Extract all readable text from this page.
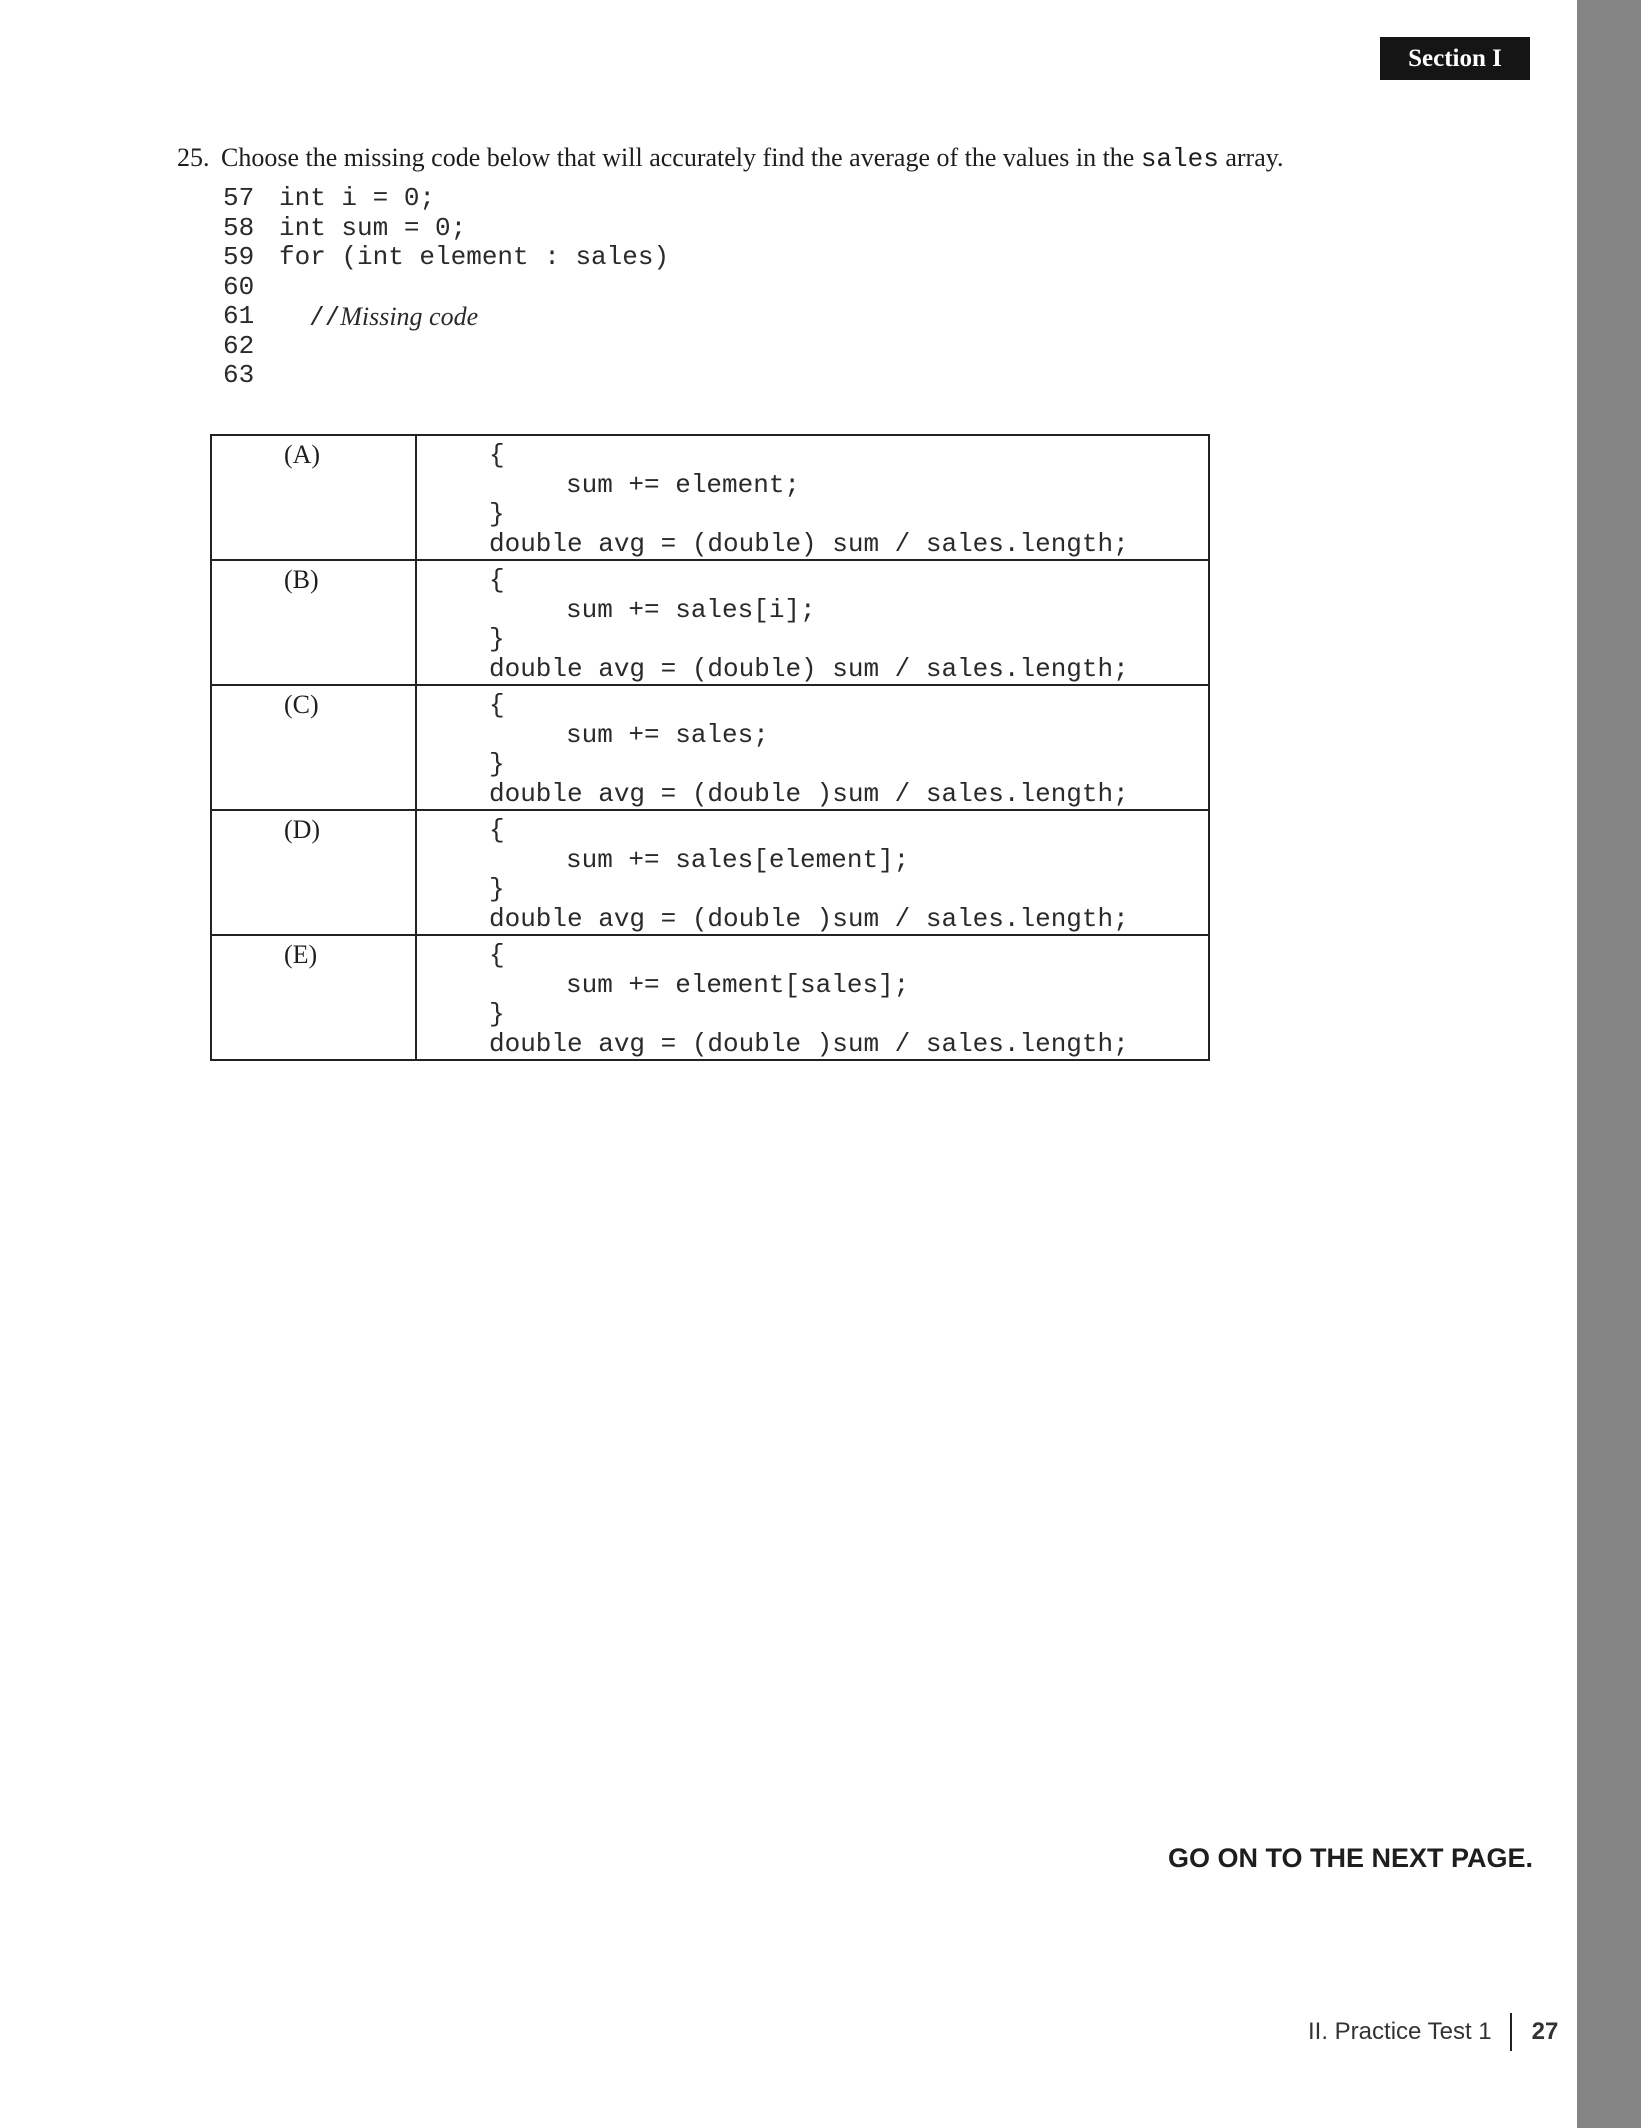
Section I
25. Choose the missing code below that will accurately find the average of the values in the sales array.
57 int i = 0;
58 int sum = 0;
59 for (int element : sales)
60
61 //Missing code
62
63
(A)	{
sum += element;
}
double avg = (double) sum / sales.length;

(B)	{
sum += sales[i];
}
double avg = (double) sum / sales.length;

(C)	{
sum += sales;
}
double avg = (double )sum / sales.length;

(D)	{
sum += sales[element];
}
double avg = (double )sum / sales.length;

(E)	{
sum += element[sales];
}
double avg = (double )sum / sales.length;
GO ON TO THE NEXT PAGE.
II. Practice Test 1 27
